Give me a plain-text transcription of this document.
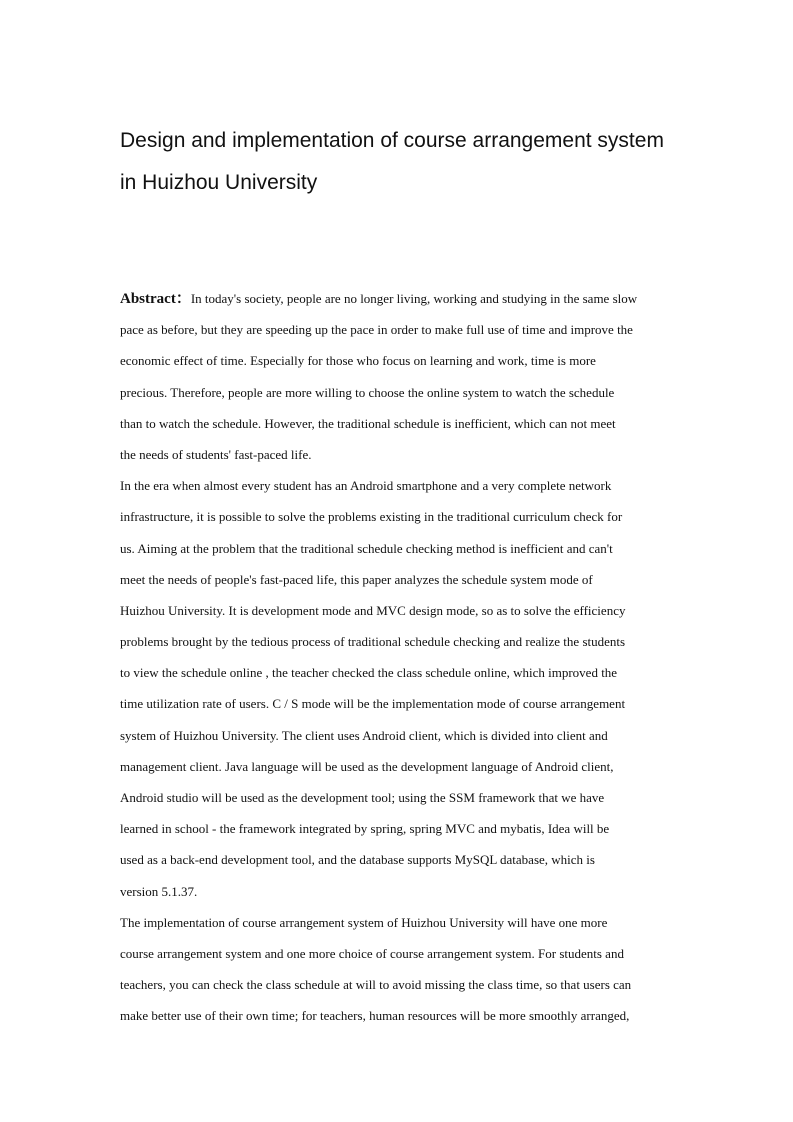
Design and implementation of course arrangement system
in Huizhou University
Abstract：In today's society, people are no longer living, working and studying in the same slow
pace as before, but they are speeding up the pace in order to make full use of time and improve the
economic effect of time. Especially for those who focus on learning and work, time is more
precious. Therefore, people are more willing to choose the online system to watch the schedule
than to watch the schedule. However, the traditional schedule is inefficient, which can not meet
the needs of students' fast-paced life.
In the era when almost every student has an Android smartphone and a very complete network
infrastructure, it is possible to solve the problems existing in the traditional curriculum check for
us. Aiming at the problem that the traditional schedule checking method is inefficient and can't
meet the needs of people's fast-paced life, this paper analyzes the schedule system mode of
Huizhou University. It is development mode and MVC design mode, so as to solve the efficiency
problems brought by the tedious process of traditional schedule checking and realize the students
to view the schedule online , the teacher checked the class schedule online, which improved the
time utilization rate of users. C / S mode will be the implementation mode of course arrangement
system of Huizhou University. The client uses Android client, which is divided into client and
management client. Java language will be used as the development language of Android client,
Android studio will be used as the development tool; using the SSM framework that we have
learned in school - the framework integrated by spring, spring MVC and mybatis, Idea will be
used as a back-end development tool, and the database supports MySQL database, which is
version 5.1.37.
The implementation of course arrangement system of Huizhou University will have one more
course arrangement system and one more choice of course arrangement system. For students and
teachers, you can check the class schedule at will to avoid missing the class time, so that users can
make better use of their own time; for teachers, human resources will be more smoothly arranged,
